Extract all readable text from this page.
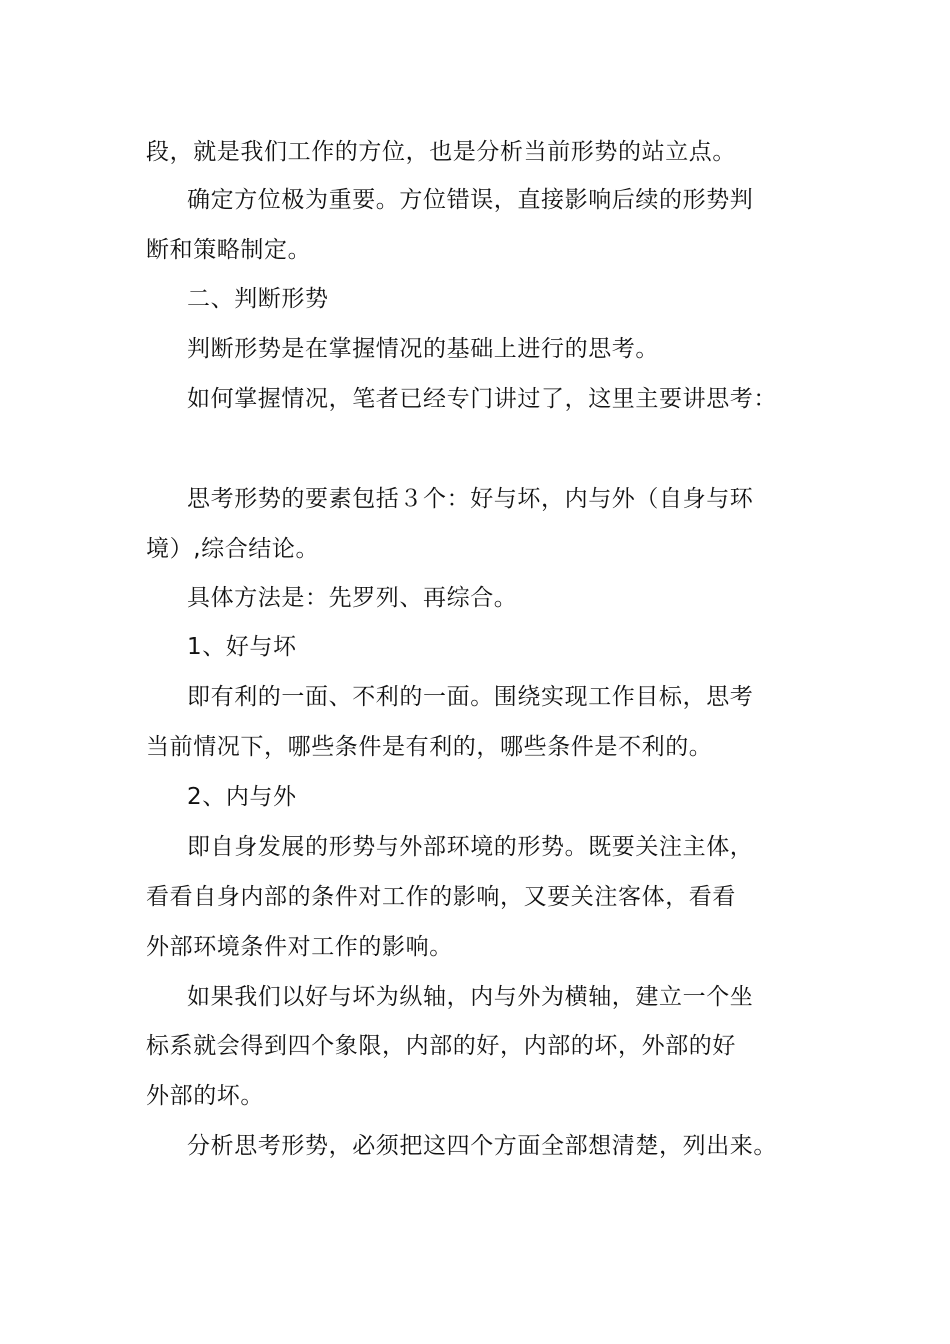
段，就是我们工作的方位，也是分析当前形势的站立点。
确定方位极为重要。方位错误，直接影响后续的形势判
断和策略制定。
二、判断形势
判断形势是在掌握情况的基础上进行的思考。
如何掌握情况，笔者已经专门讲过了，这里主要讲思考：
思考形势的要素包括３个：好与坏，内与外（自身与环
境）,综合结论。
具体方法是：先罗列、再综合。
1、好与坏
即有利的一面、不利的一面。围绕实现工作目标，思考
当前情况下，哪些条件是有利的，哪些条件是不利的。
2、内与外
即自身发展的形势与外部环境的形势。既要关注主体，
看看自身内部的条件对工作的影响，又要关注客体，看看
外部环境条件对工作的影响。
如果我们以好与坏为纵轴，内与外为横轴，建立一个坐
标系就会得到四个象限，内部的好，内部的坏，外部的好
外部的坏。
分析思考形势，必须把这四个方面全部想清楚，列出来。
